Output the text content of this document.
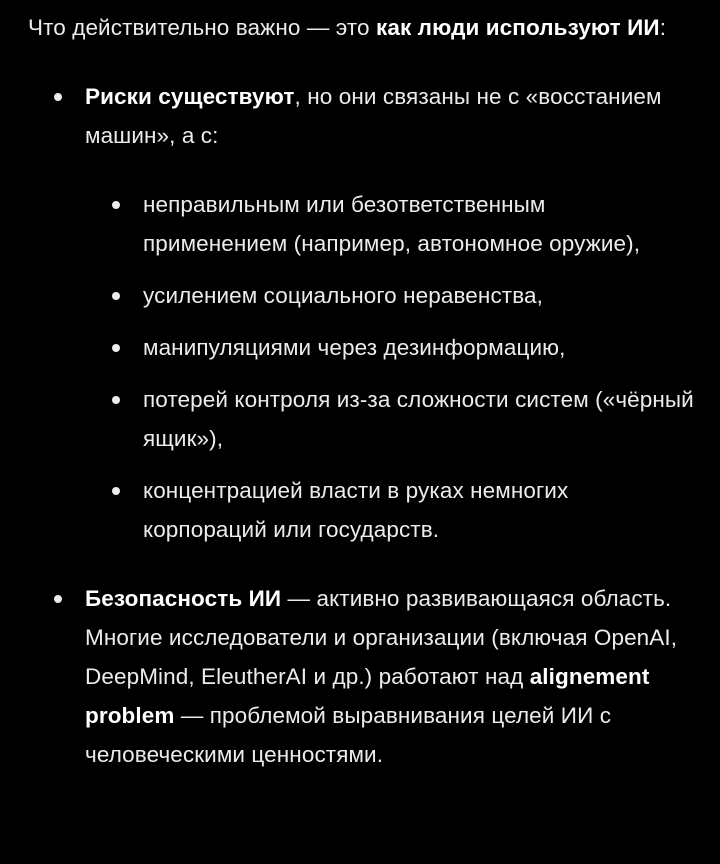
Что действительно важно — это как люди используют ИИ:

Риски существуют, но они связаны не с «восстанием машин», а с:
неправильным или безответственным применением (например, автономное оружие),
усилением социального неравенства,
манипуляциями через дезинформацию,
потерей контроля из-за сложности систем («чёрный ящик»),
концентрацией власти в руках немногих корпораций или государств.
Безопасность ИИ — активно развивающаяся область. Многие исследователи и организации (включая OpenAI, DeepMind, EleutherAI и др.) работают над alignement problem — проблемой выравнивания целей ИИ с человеческими ценностями.
